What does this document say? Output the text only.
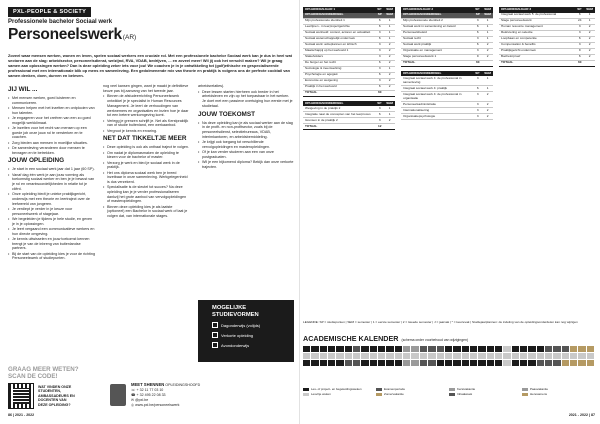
PXL-PEOPLE & SOCIETY
Professionele bachelor Sociaal werk
Personeelswerk(AR)
Zoveel waar mensen werken, wonen en leven, spelen sociaal werkers een cruciale rol. Met een professionele bachelor Sociaal werk kan je dus in heel wat sectoren aan de slag: arbeidsector, personeelsdienst, welzijnd, RVA, VDAB, bedrijven, ... en zoveel meer! Wil jij ook het verschil maken? Wil je graag samen aan oplossingen werken? Dan is deze opleiding zeker iets voor jou! We coachen je in je ontwikkeling tot (golf)ethische en gespecialiseerde professional met een internationale blik op mens en samenleving. Een gedolmenende mix van theorie en praktijk is volgens ons de perfecte cocktail van samen denken, doen, durven en beleven.
JIJ WIL ...
• Met mensen werken, goed luisteren en communiceren.
• Mensen helpen met het inzetten en ontplooien van hun talenten.
• Je engageren voor het creëren van een zo goed mogelijk werkklimaat.
• Je inzetten voor het recht van mensen op een goede job onze jouw rol te versterken en te coachen.
• Zorg bieden aan mensen in moeilijke situaties.
• De samenleving veranderen door mensen te bevragen en te betrekken.
JOUW OPLEIDING
• Je start in een sociaal werk jaar dat 1 jaar (60 SP).
• Vanaf dag één werk je aan jouw vorming als toekomstig sociaal werker en ben je je bewust van je rol en verantwoordelijkheden in relatie tot je cliënt.
• Onze opleiding biedt je unieke praktijkgericht, onderwijs met een theorie en leertraject over de leefwereld van jongeren.
• Je verdiept je verder in je keuze voor personeelswerk of stagejaar.
• We begeleiden je tijdens je hele studie, en geven je in je oplossingen.
• Je leert vergaand een communicatieve werkers en hun directe omgeving.
• Je kennis uitwisselen en jouw toekomst kennen brengt je van de inbreng van buitenlandse partners.
• Bij de start van de opleiding kies je voor de richting Personeelswerk of studiepunten.

nog veel kansen gingen, want je maakt je definitieve keuze pas bij aanvang van het tweede jaar.

• Binnen de afstudeerrichting Personeelswerk ontwikkel je je specialist in Human Resources Management. Je leert de verhoudingen van werknemers en organisaties en inzien hoe je daar tot een betere werkomgeving komt.
• Verlegg je grenzen schrijft je. Net als Kerstpraktijk van of studie buitenland, een werkaanbod.
• Vergroot je kennis en ervaring.
NET DAT TIKKELTJE MEER
• Deze opleiding is ook als onthaal traject te volgen.
• Om nadat je diplomasmaken de opleiding te kiezen voor de bachelor of master.
• Verzorg je werk en bied je sociaal werk in de praktijk.
• Het ons diploma sociaal werk ben je breed inzetbaar in onze samenleving. Werkgelegenheid is dus verzekerd.
• Specialisatie is de sleutel tot succes? Na deze opleiding kan je je verder professionaliseren dankzij het grote aanbod van vervolgopleidingen of masteropleidingen.
• Binnen deze opleiding kies je als laatste (optioneel) een Bachelor in sociaal werk of laat je volgen dat, van internationale stages.

arbeidsrelaties).

• Deze lessen starten hierheen ook breder in het arbeidsleven en zijn op het toepasbaar in het werken. Je doet met een passieve overtuiging hun eerste met je studietaal.
JOUW TOEKOMST
• Na deze opleiding kan je als sociaal werker aan de slag in de profit- en non-profitsector, zoals bij de personeelsdienst, selectiebureaus, VDAB, interimkantoren, en arbeidsbemiddeling.
• Je krijgt ook toegang tot verschillende vervolgopleidingen en masteropleidingen.
• Of je kan verder studeren aan een van onze postgraduaten.
• Wil je een bijkomend diploma? Bekijk dan onze verkorte trajecten.
MOGELIJKE STUDIEVORMEN
Dagonderwijs (volijds)
Verkorte opleiding
Avondonderwijs
GRAAG MEER WETEN? SCAN DE CODE!
WAT VINDEN ONZE STUDENTEN, AMBASSADEURS EN DOCENTEN VAN DEZE OPLEIDING?
MEET SHENNEN OPLEIDINGSHOOFD
☏ + 32 11 77 03 10
☎ + 32 495 22 08 33
✉ @pxl.be
◎ www.pxl.be/personeelswerk
86 | 2021 - 2022
OPLEIDINGSJAAR 1	SP	SEM
OPLEIDINGSONDERDEEL	SP	SEM
Mijn professionele identiteit 1	6	1
Leerlijnen - in leerprojectgerichte	6	1
Sociaal werkveld: context, actoren en actualiteit	3	1
Sociaal wetenschappelijk onderzoek	6	1
Sociaal werk: actieplannen en kritisch	3	2
Maatschappij op het werkveld 1	3	2
Stakeholders	3	2
De burger en het recht	6	2
Sociologie & ineenwerking	3	1
Psychologie en agogiek	6	2
Economie en wetgeving	3	2
Praktijk in het werkveld	6	2
TOTAAL	60	
OPLEIDINGSONDERDEEL	SP	SEM
Wetgeving in de praktijk 2	3	1
Integratie naar de concepten van het leerproces	6	1
Grensen in de praktijk 2	3	2
TOTAAL	12	
OPLEIDINGSJAAR 2	SP	SEM
OPLEIDINGSONDERDEEL	SP	SEM
Mijn professionele identiteit 2	3	1
Sociaal werk in samenleving en beleid	6	1
Personeelsbeleid	6	1
Sociaal recht	3	1
Sociaal werk praktijk	6	2
Organisatie en management	3	2
Stage personeelswerk 1	9	2
TOTAAL	60	
OPLEIDINGSONDERDEEL	SP	SEM
Integraal sociaal werk 4: de professional in samenleving	3	1
Integraal sociaal werk 4: praktijk	6	1
Integraal sociaal werk 4: de professional in organisatie	3	2
Personeelsadministratie	3	2
Internationalisering	3	2
Organisatiepsychologie	3	2
OPLEIDINGSJAAR 3	SP	SEM
Integraal sociaal werk 5: de professional	6	1
Stage personeelswerk	24	1
Human resource management	3	2
Rekrutering en selectie	3	2
Loopbaan en competentie	6	2
Compensation & benefits	3	2
Praktijkgericht onderzoek	9	2
Bachelorproef	6	2
TOTAAL	60	
LEGENDE: SP = studiepunten | SEM = semester | 1 = eerste semester | 2 = tweede semester | J = jaarvak | * = keuzevak | Studiejaarplannen: de indeling van de opleidingsonderdelen kan nog wijzigen
ACADEMISCHE KALENDER (schema onder voorbehoud van wijzigingen)
Les- of project- en begeleidingsweken	Examenperiode	Kerstvakantie	Paasvakantie
Lesvrije weken	Zomervakantie	Inhaalweek	Herexamens
2021 - 2022 | 87
